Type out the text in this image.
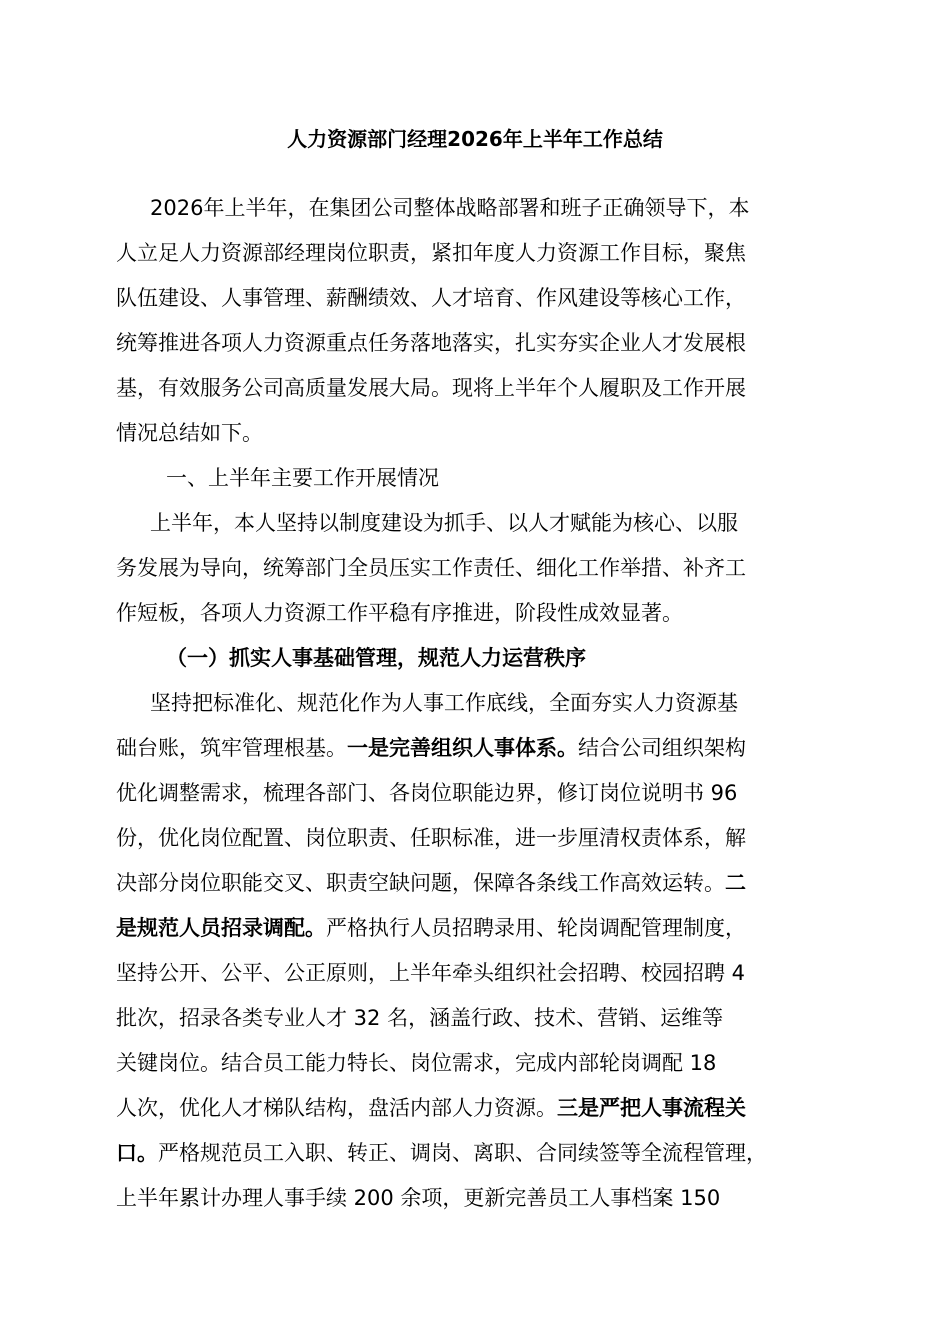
人力资源部门经理2026年上半年工作总结
2026年上半年，在集团公司整体战略部署和班子正确领导下，本
人立足人力资源部经理岗位职责，紧扣年度人力资源工作目标，聚焦
队伍建设、人事管理、薪酬绩效、人才培育、作风建设等核心工作，
统筹推进各项人力资源重点任务落地落实，扎实夯实企业人才发展根
基，有效服务公司高质量发展大局。现将上半年个人履职及工作开展
情况总结如下。
一、上半年主要工作开展情况
上半年，本人坚持以制度建设为抓手、以人才赋能为核心、以服
务发展为导向，统筹部门全员压实工作责任、细化工作举措、补齐工
作短板，各项人力资源工作平稳有序推进，阶段性成效显著。
（一）抓实人事基础管理，规范人力运营秩序
坚持把标准化、规范化作为人事工作底线，全面夯实人力资源基
础台账，筑牢管理根基。一是完善组织人事体系。结合公司组织架构
优化调整需求，梳理各部门、各岗位职能边界，修订岗位说明书 96
份，优化岗位配置、岗位职责、任职标准，进一步厘清权责体系，解
决部分岗位职能交叉、职责空缺问题，保障各条线工作高效运转。二
是规范人员招录调配。严格执行人员招聘录用、轮岗调配管理制度，
坚持公开、公平、公正原则，上半年牵头组织社会招聘、校园招聘 4
批次，招录各类专业人才 32 名，涵盖行政、技术、营销、运维等
关键岗位。结合员工能力特长、岗位需求，完成内部轮岗调配 18
人次，优化人才梯队结构，盘活内部人力资源。三是严把人事流程关
口。严格规范员工入职、转正、调岗、离职、合同续签等全流程管理，
上半年累计办理人事手续 200 余项，更新完善员工人事档案 150
